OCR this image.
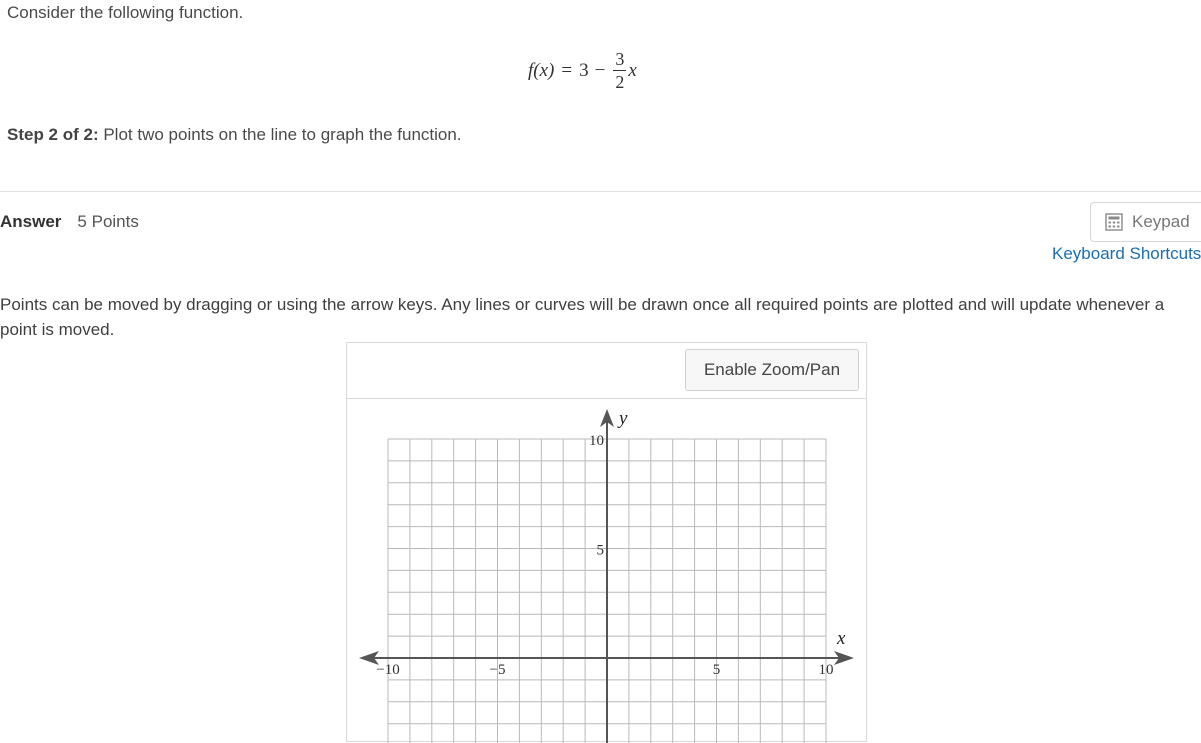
Consider the following function.
$f(x) = 3 - \frac{3}{2}$ x
Step 2 of 2: Plot two points on the line to graph the function.
Answer 5 Points	Keypad
Keyboard Shortcuts
Points can be moved by dragging or using the arrow keys. Any lines or curves will be drawn once all required points are plotted and will update whenever a point is moved.
Enable Zoom/Pan
x
y
−10	−5	5	10
10
5
